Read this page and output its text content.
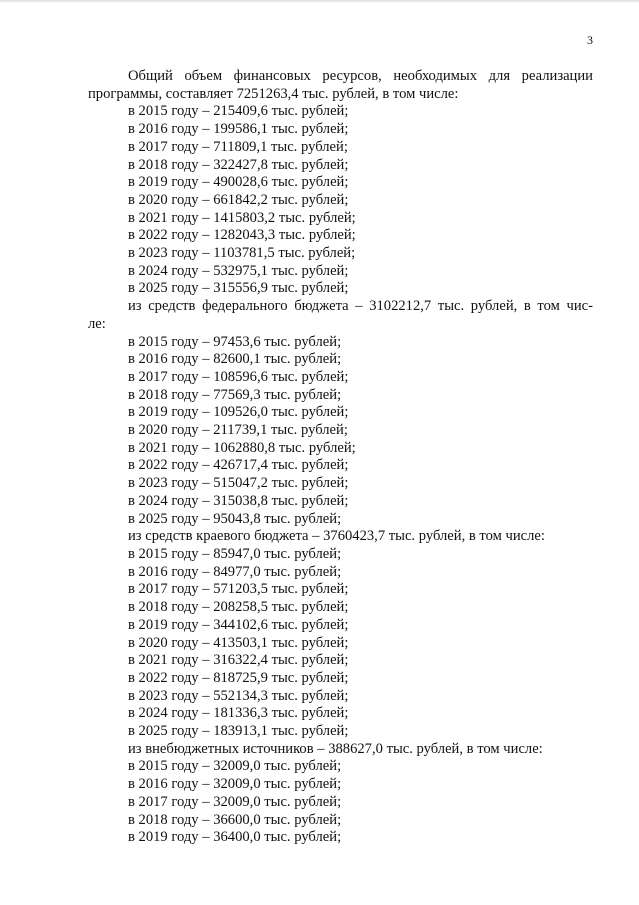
3
Общий объем финансовых ресурсов, необходимых для реализации
программы, составляет 7251263,4 тыс. рублей, в том числе:

в 2015 году – 215409,6 тыс. рублей;

в 2016 году – 199586,1 тыс. рублей;

в 2017 году – 711809,1 тыс. рублей;

в 2018 году – 322427,8 тыс. рублей;

в 2019 году – 490028,6 тыс. рублей;

в 2020 году – 661842,2 тыс. рублей;

в 2021 году – 1415803,2 тыс. рублей;

в 2022 году – 1282043,3 тыс. рублей;

в 2023 году – 1103781,5 тыс. рублей;

в 2024 году – 532975,1 тыс. рублей;

в 2025 году – 315556,9 тыс. рублей;

из средств федерального бюджета – 3102212,7 тыс. рублей, в том чис-
ле:

в 2015 году – 97453,6 тыс. рублей;

в 2016 году – 82600,1 тыс. рублей;

в 2017 году – 108596,6 тыс. рублей;

в 2018 году – 77569,3 тыс. рублей;

в 2019 году – 109526,0 тыс. рублей;

в 2020 году – 211739,1 тыс. рублей;

в 2021 году – 1062880,8 тыс. рублей;

в 2022 году – 426717,4 тыс. рублей;

в 2023 году – 515047,2 тыс. рублей;

в 2024 году – 315038,8 тыс. рублей;

в 2025 году – 95043,8 тыс. рублей;

из средств краевого бюджета – 3760423,7 тыс. рублей, в том числе:

в 2015 году – 85947,0 тыс. рублей;

в 2016 году – 84977,0 тыс. рублей;

в 2017 году – 571203,5 тыс. рублей;

в 2018 году – 208258,5 тыс. рублей;

в 2019 году – 344102,6 тыс. рублей;

в 2020 году – 413503,1 тыс. рублей;

в 2021 году – 316322,4 тыс. рублей;

в 2022 году – 818725,9 тыс. рублей;

в 2023 году – 552134,3 тыс. рублей;

в 2024 году – 181336,3 тыс. рублей;

в 2025 году – 183913,1 тыс. рублей;

из внебюджетных источников – 388627,0 тыс. рублей, в том числе:

в 2015 году – 32009,0 тыс. рублей;

в 2016 году – 32009,0 тыс. рублей;

в 2017 году – 32009,0 тыс. рублей;

в 2018 году – 36600,0 тыс. рублей;

в 2019 году – 36400,0 тыс. рублей;
